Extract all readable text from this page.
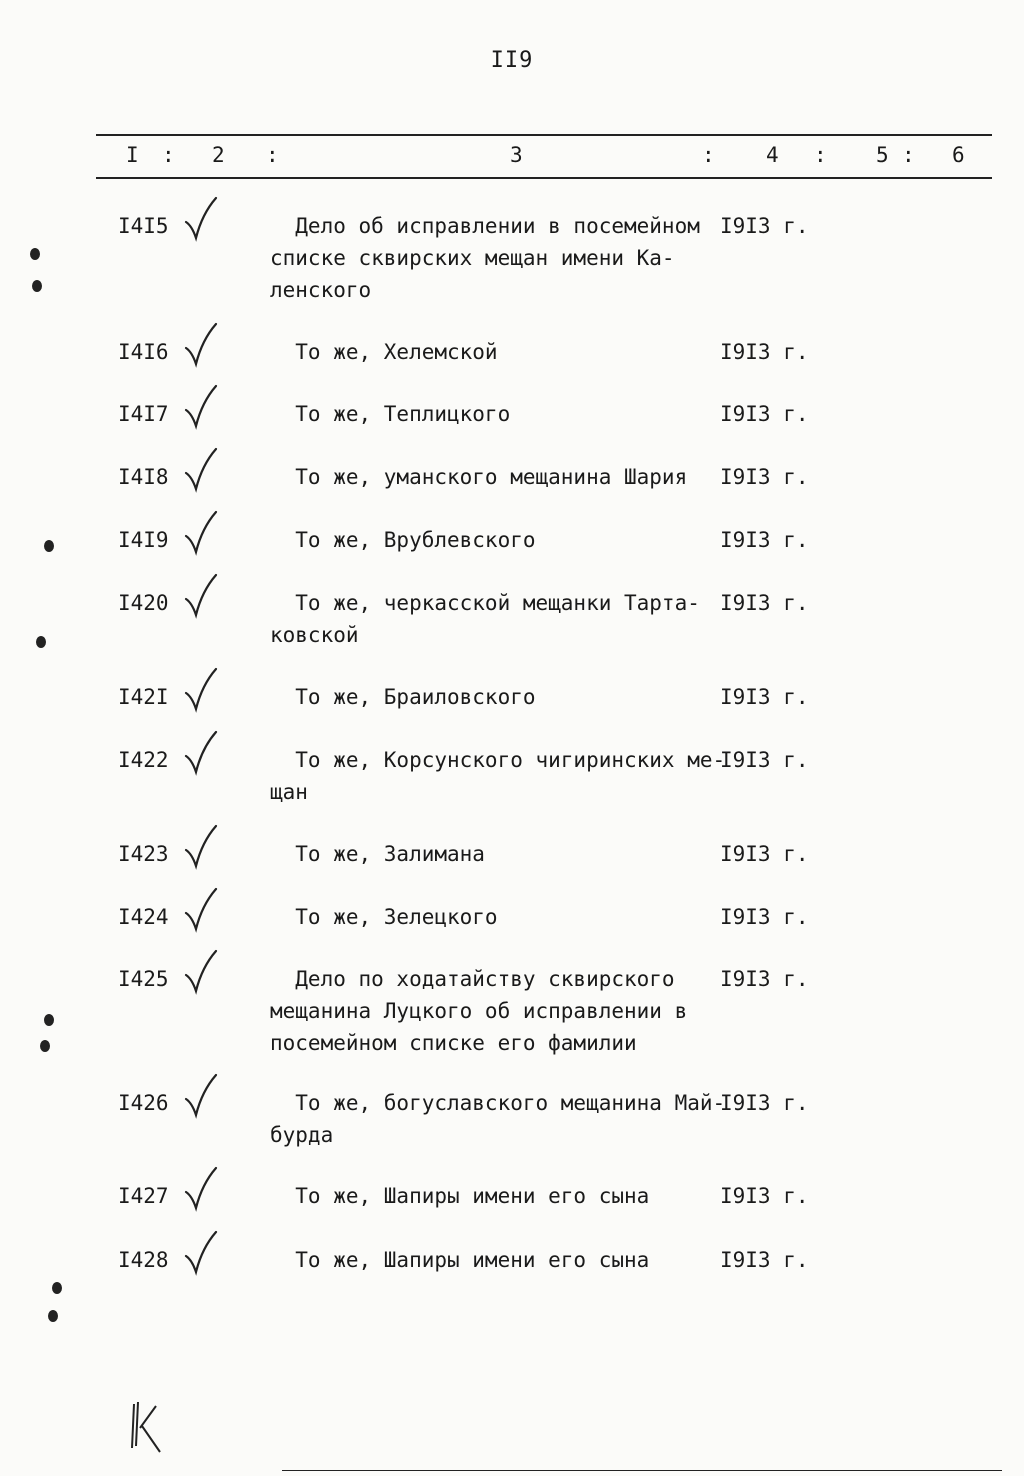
II9
I : 2 :	3	: 4 : 5 : 6
I4I5	Дело об исправлении в посемейном
списке сквирских мещан имени Ка-
ленского
I9I3 г.
I4I6	То же, Хелемской	I9I3 г.
I4I7	То же, Теплицкого	I9I3 г.
I4I8	То же, уманского мещанина Шария	I9I3 г.
I4I9	То же, Врублевского	I9I3 г.
I420	То же, черкасской мещанки Тарта-
ковской
I9I3 г.
I42I	То же, Браиловского	I9I3 г.
I422	То же, Корсунского чигиринских ме-
щан
I9I3 г.
I423	То же, Залимана	I9I3 г.
I424	То же, Зелецкого	I9I3 г.
I425	Дело по ходатайству сквирского
мещанина Луцкого об исправлении в
посемейном списке его фамилии
I9I3 г.
I426	То же, богуславского мещанина Май-
бурда
I9I3 г.
I427	То же, Шапиры имени его сына	I9I3 г.
I428	То же, Шапиры имени его сына	I9I3 г.
